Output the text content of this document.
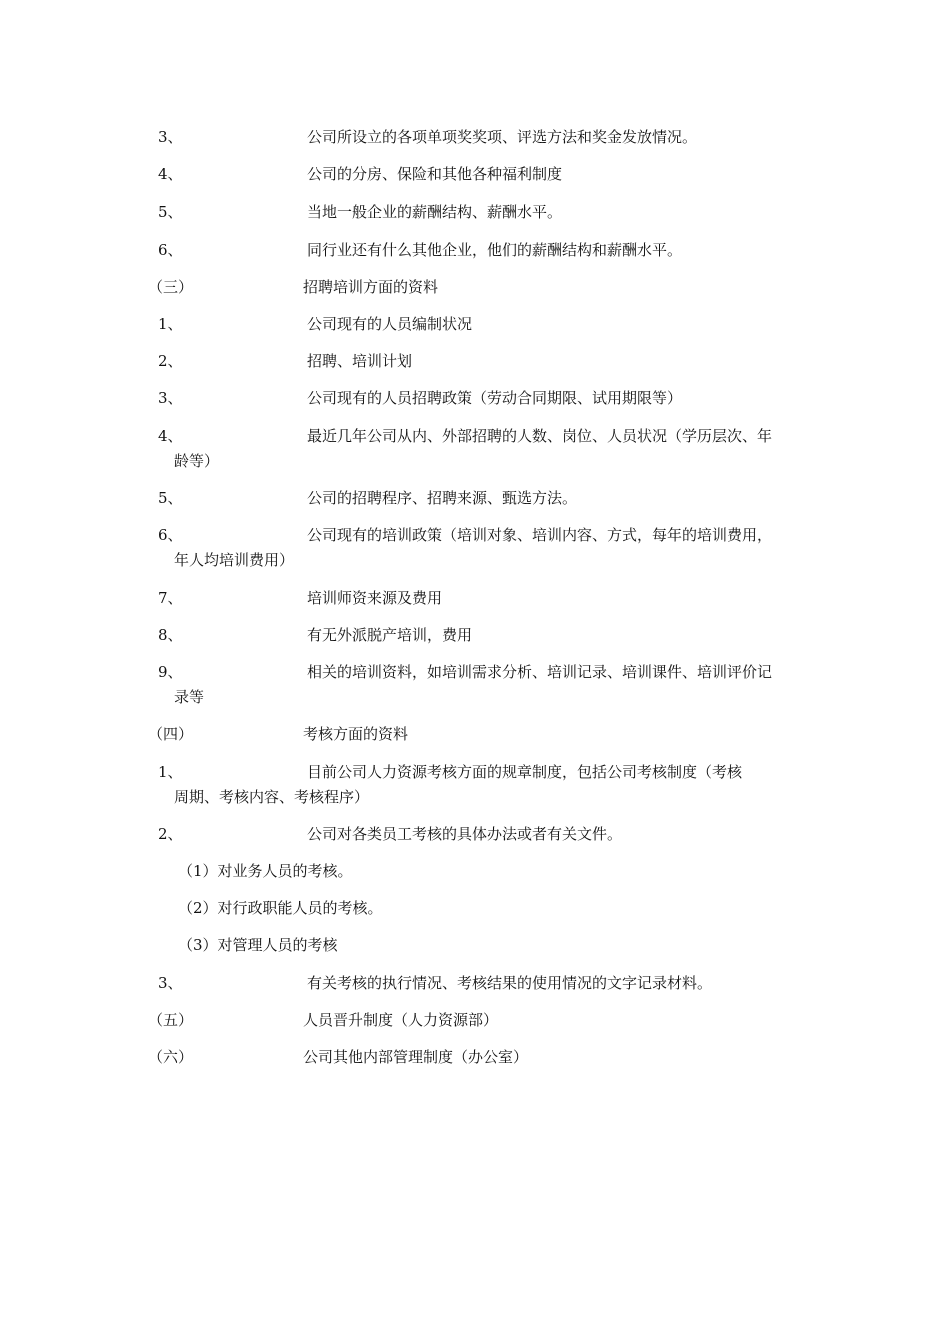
3、	公司所设立的各项单项奖奖项、评选方法和奖金发放情况。
4、	公司的分房、保险和其他各种福利制度
5、	当地一般企业的薪酬结构、薪酬水平。
6、	同行业还有什么其他企业，他们的薪酬结构和薪酬水平。
（三）	招聘培训方面的资料
1、	公司现有的人员编制状况
2、	招聘、培训计划
3、	公司现有的人员招聘政策（劳动合同期限、试用期限等）
4、	最近几年公司从内、外部招聘的人数、岗位、人员状况（学历层次、年
龄等）
5、	公司的招聘程序、招聘来源、甄选方法。
6、	公司现有的培训政策（培训对象、培训内容、方式，每年的培训费用，
年人均培训费用）
7、	培训师资来源及费用
8、	有无外派脱产培训，费用
9、	相关的培训资料，如培训需求分析、培训记录、培训课件、培训评价记
录等
（四）	考核方面的资料
1、	目前公司人力资源考核方面的规章制度，包括公司考核制度（考核
周期、考核内容、考核程序）
2、	公司对各类员工考核的具体办法或者有关文件。
（1）对业务人员的考核。
（2）对行政职能人员的考核。
（3）对管理人员的考核
3、	有关考核的执行情况、考核结果的使用情况的文字记录材料。
（五）	人员晋升制度（人力资源部）
（六）	公司其他内部管理制度（办公室）
